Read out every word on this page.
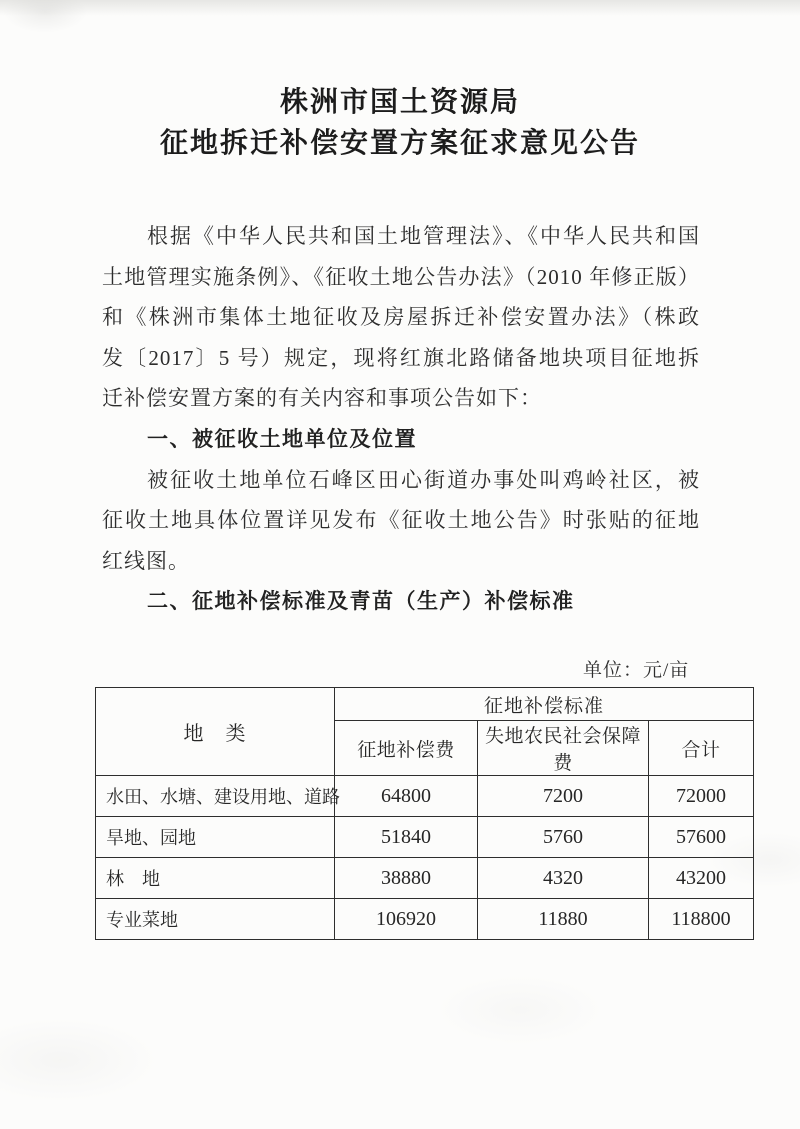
株洲市国土资源局
征地拆迁补偿安置方案征求意见公告
根据《中华人民共和国土地管理法》、《中华人民共和国
土地管理实施条例》、《征收土地公告办法》（2010 年修正版）
和《株洲市集体土地征收及房屋拆迁补偿安置办法》（株政
发〔2017〕5 号）规定，现将红旗北路储备地块项目征地拆
迁补偿安置方案的有关内容和事项公告如下：
一、被征收土地单位及位置
被征收土地单位石峰区田心街道办事处叫鸡岭社区，被
征收土地具体位置详见发布《征收土地公告》时张贴的征地
红线图。
二、征地补偿标准及青苗（生产）补偿标准
单位：元/亩
地　类	征地补偿标准		
	征地补偿费	失地农民社会保障费	合计
水田、水塘、建设用地、道路	64800	7200	72000
旱地、园地	51840	5760	57600
林　地	38880	4320	43200
专业菜地	106920	11880	118800
